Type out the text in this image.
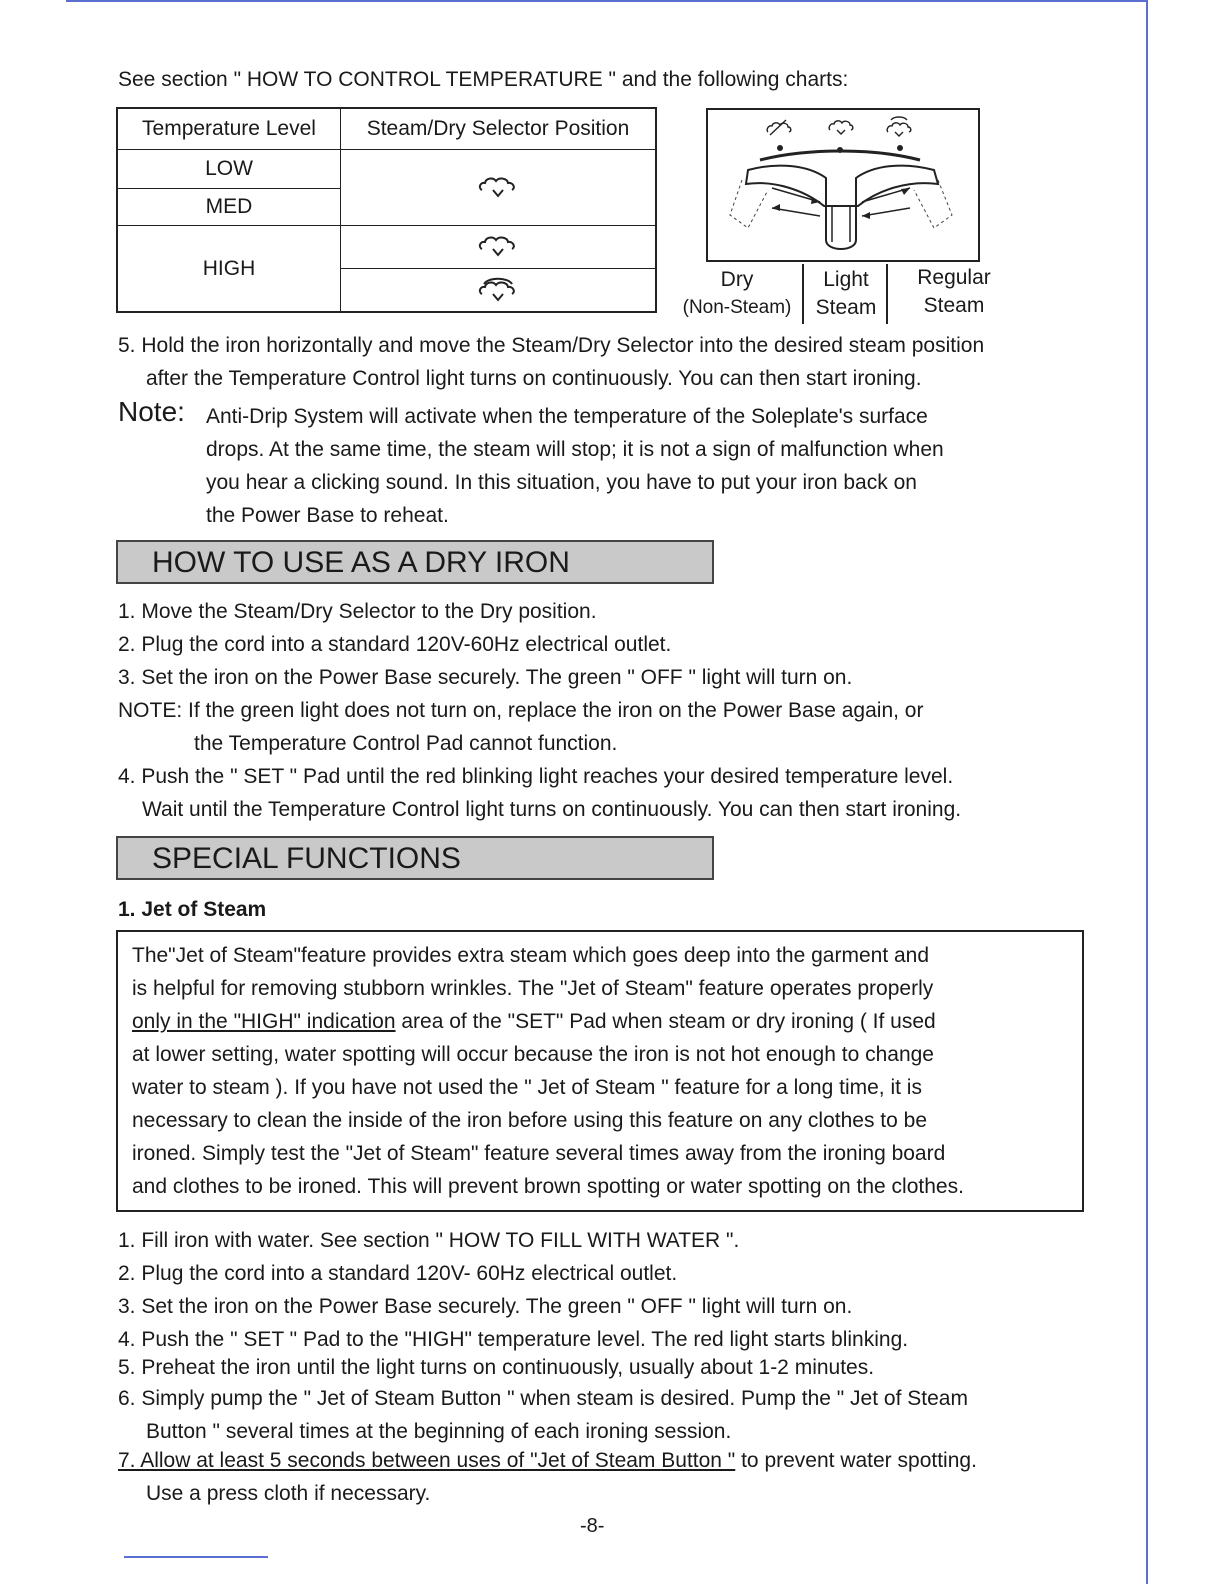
See section " HOW TO CONTROL TEMPERATURE " and the following charts:
Temperature Level	Steam/Dry Selector Position
LOW	
MED	
HIGH		Dry
(Non-Steam)
Light
Steam
Regular
Steam
5. Hold the iron horizontally and move the Steam/Dry Selector into the desired steam position
after the Temperature Control light turns on continuously. You can then start ironing.
Note: Anti-Drip System will activate when the temperature of the Soleplate's surface
drops. At the same time, the steam will stop; it is not a sign of malfunction when
you hear a clicking sound. In this situation, you have to put your iron back on
the Power Base to reheat.
HOW TO USE AS A DRY IRON
1. Move the Steam/Dry Selector to the Dry position.
2. Plug the cord into a standard 120V-60Hz electrical outlet.
3. Set the iron on the Power Base securely. The green " OFF " light will turn on.
NOTE: If the green light does not turn on, replace the iron on the Power Base again, or
the Temperature Control Pad cannot function.
4. Push the " SET " Pad until the red blinking light reaches your desired temperature level.
Wait until the Temperature Control light turns on continuously. You can then start ironing.
SPECIAL FUNCTIONS
1. Jet of Steam
The"Jet of Steam"feature provides extra steam which goes deep into the garment and
is helpful for removing stubborn wrinkles. The "Jet of Steam" feature operates properly
only in the "HIGH" indication area of the "SET" Pad when steam or dry ironing ( If used
at lower setting, water spotting will occur because the iron is not hot enough to change
water to steam ). If you have not used the " Jet of Steam " feature for a long time, it is
necessary to clean the inside of the iron before using this feature on any clothes to be
ironed. Simply test the "Jet of Steam" feature several times away from the ironing board
and clothes to be ironed. This will prevent brown spotting or water spotting on the clothes.
1. Fill iron with water. See section " HOW TO FILL WITH WATER ".
2. Plug the cord into a standard 120V- 60Hz electrical outlet.
3. Set the iron on the Power Base securely. The green " OFF " light will turn on.
4. Push the " SET " Pad to the "HIGH" temperature level. The red light starts blinking.
5. Preheat the iron until the light turns on continuously, usually about 1-2 minutes.
6. Simply pump the " Jet of Steam Button " when steam is desired. Pump the " Jet of Steam
Button " several times at the beginning of each ironing session.
7. Allow at least 5 seconds between uses of "Jet of Steam Button " to prevent water spotting.
Use a press cloth if necessary.
-8-
